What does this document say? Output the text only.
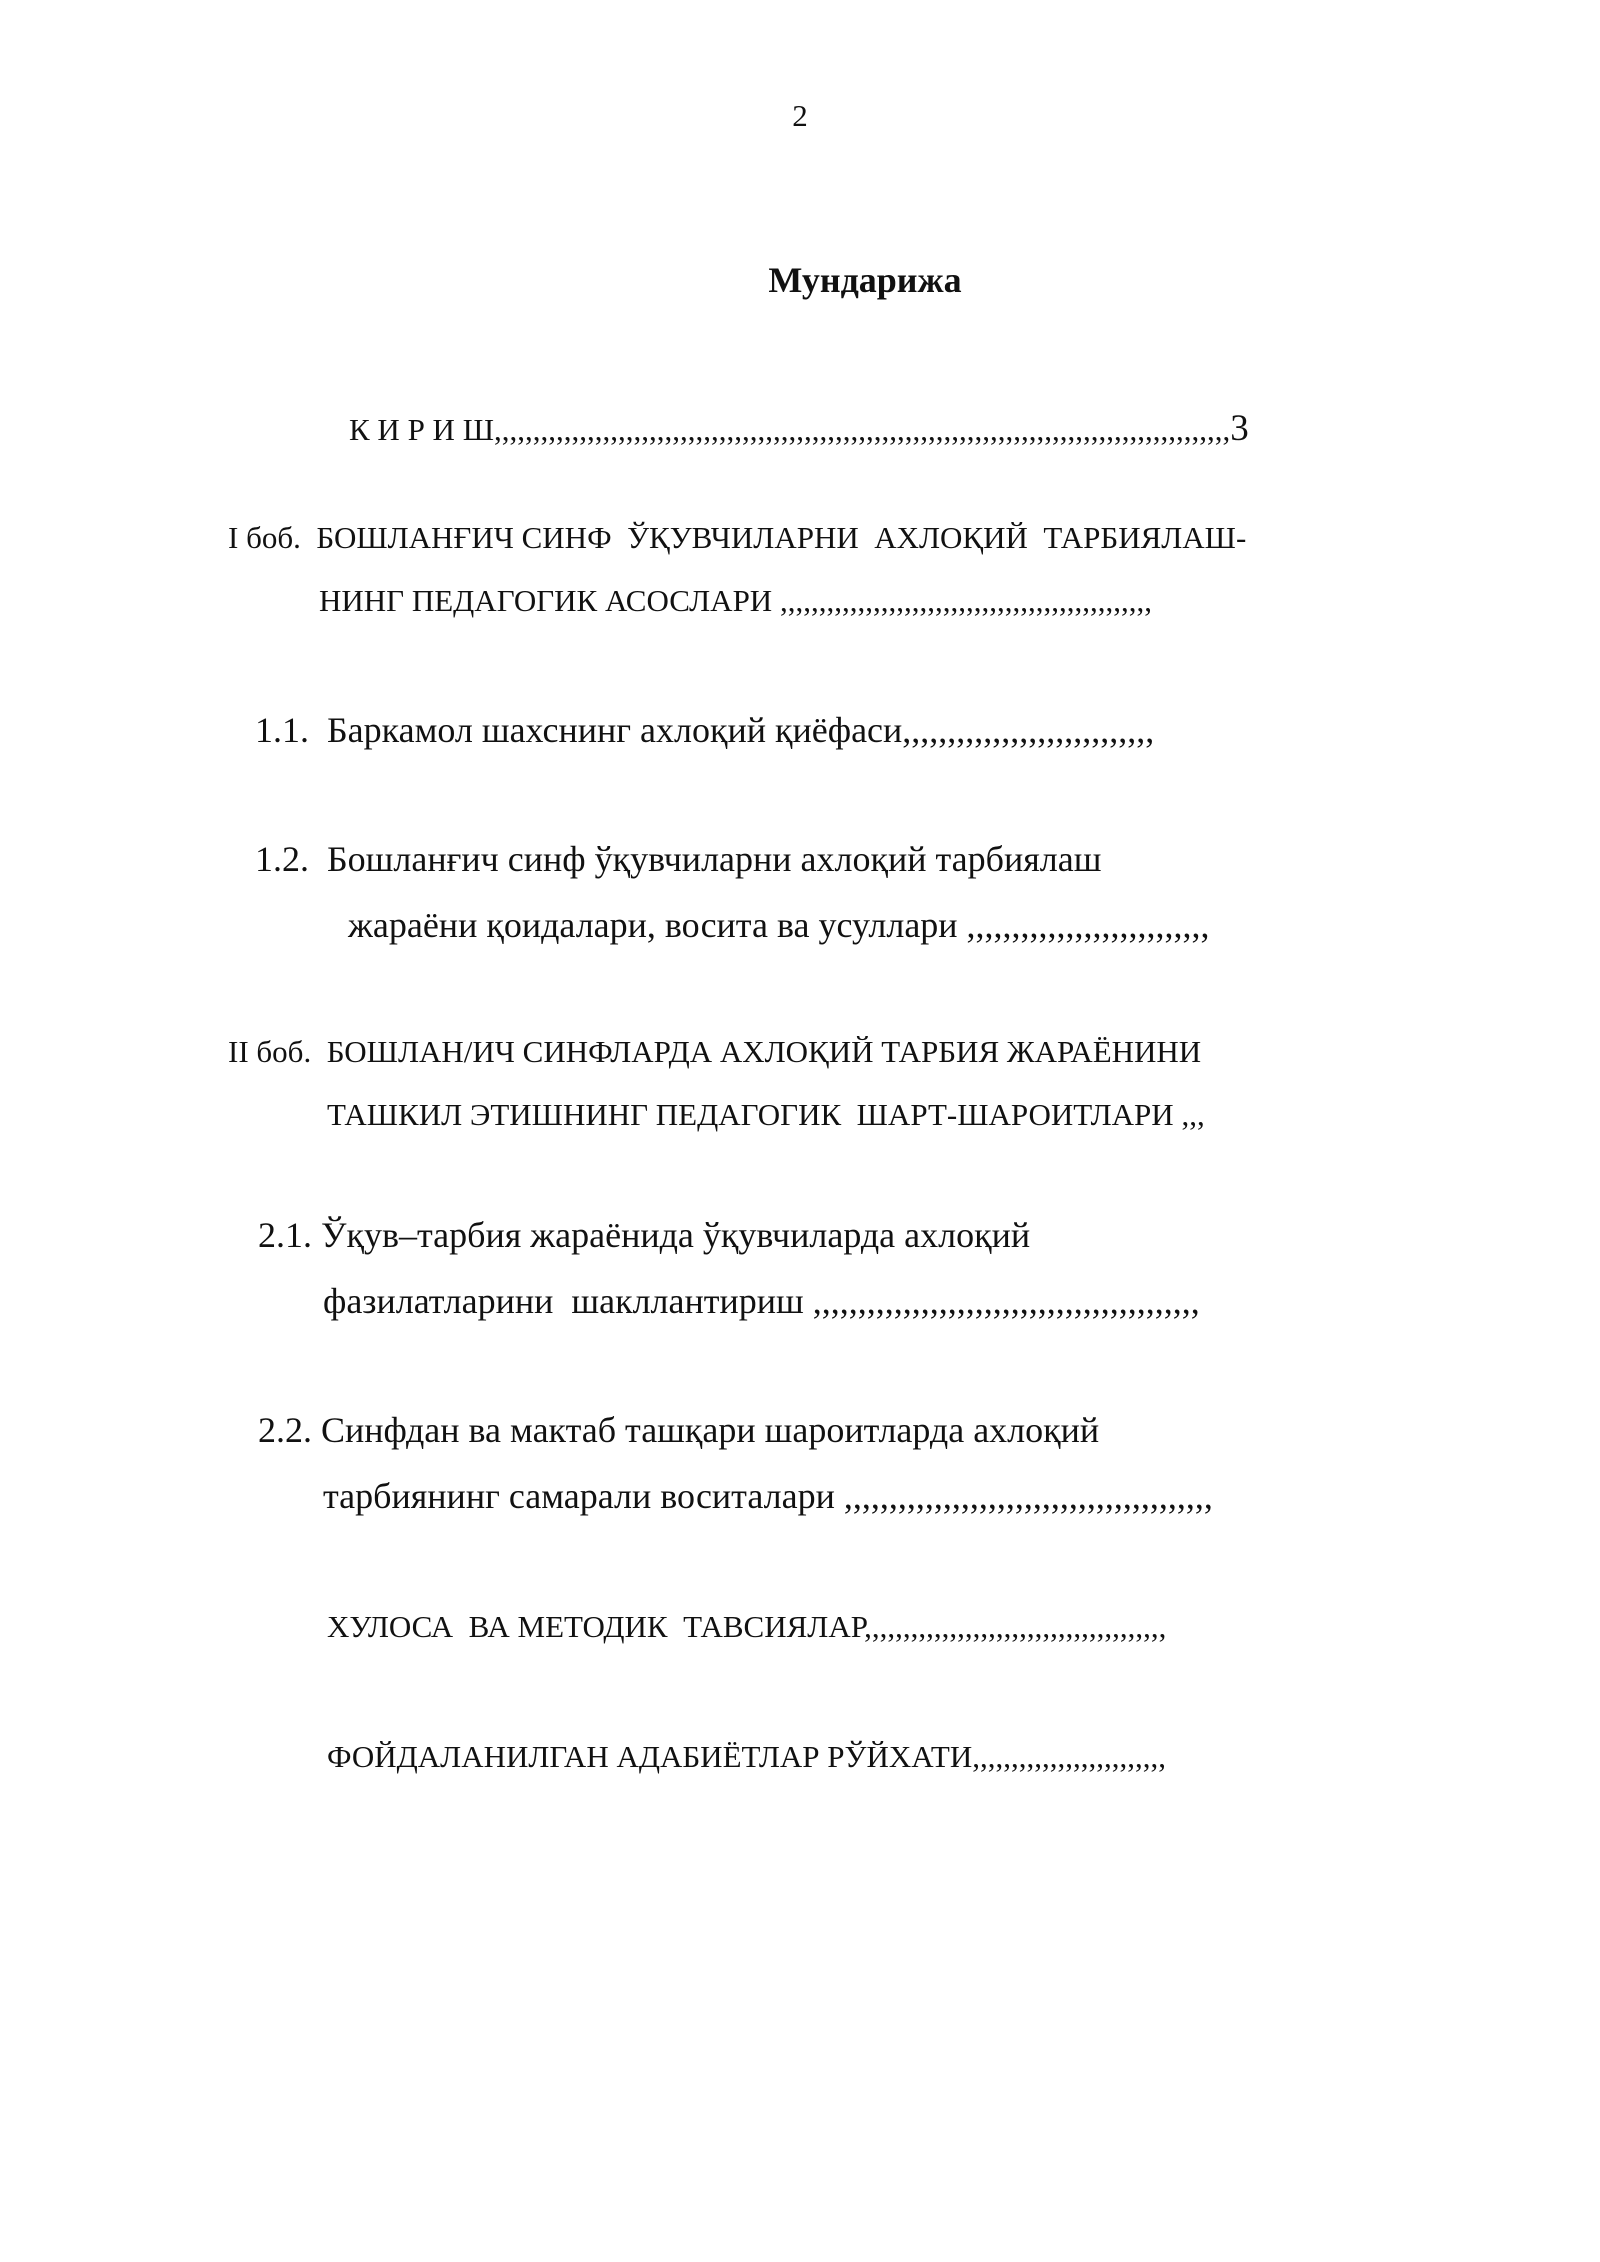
2
Мундарижа

К И Р И Ш,,,,,,,,,,,,,,,,,,,,,,,,,,,,,,,,,,,,,,,,,,,,,,,,,,,,,,,,,,,,,,,,,,,,,,,,,,,,,,,,,,,,,,,,,,,,,,,3

I боб.  БОШЛАНҒИЧ СИНФ  ЎҚУВЧИЛАРНИ  АХЛОҚИЙ  ТАРБИЯЛАШ-
НИНГ ПЕДАГОГИК АСОСЛАРИ ,,,,,,,,,,,,,,,,,,,,,,,,,,,,,,,,,,,,,,,,,,,,,,,,
1.1.  Баркамол шахснинг ахлоқий қиёфаси,,,,,,,,,,,,,,,,,,,,,,,,,,,,
1.2.  Бошланғич синф ўқувчиларни ахлоқий тарбиялаш
жараёни қоидалари, восита ва усуллари ,,,,,,,,,,,,,,,,,,,,,,,,,,,
II боб.  БОШЛАН/ИЧ СИНФЛАРДА АХЛОҚИЙ ТАРБИЯ ЖАРАЁНИНИ
ТАШКИЛ ЭТИШНИНГ ПЕДАГОГИК  ШАРТ-ШАРОИТЛАРИ ,,,
2.1. Ўқув–тарбия жараёнида ўқувчиларда ахлоқий
фазилатларини  шакллантириш ,,,,,,,,,,,,,,,,,,,,,,,,,,,,,,,,,,,,,,,,,,,
2.2. Синфдан ва мактаб ташқари шароитларда ахлоқий
тарбиянинг самарали воситалари ,,,,,,,,,,,,,,,,,,,,,,,,,,,,,,,,,,,,,,,,,
ХУЛОСА  ВА МЕТОДИК  ТАВСИЯЛАР,,,,,,,,,,,,,,,,,,,,,,,,,,,,,,,,,,,,,,,
ФОЙДАЛАНИЛГАН АДАБИЁТЛАР РЎЙХАТИ,,,,,,,,,,,,,,,,,,,,,,,,,
